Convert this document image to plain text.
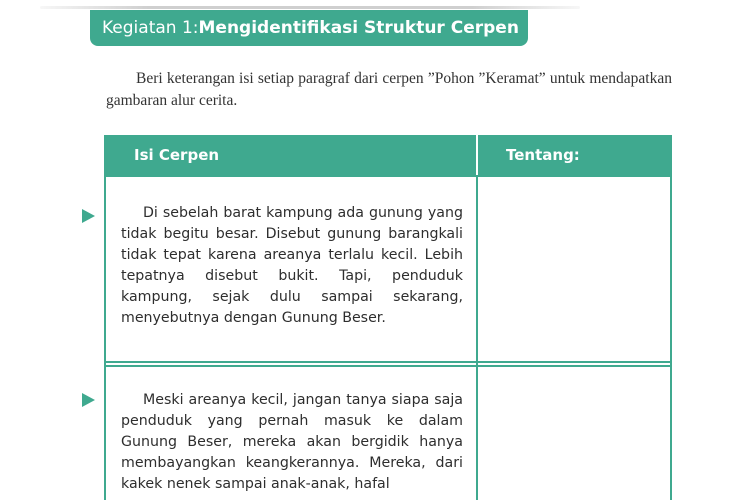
Kegiatan 1: Mengidentifikasi Struktur Cerpen

Beri keterangan isi setiap paragraf dari cerpen ”Pohon ”Keramat” untuk mendapatkan gambaran alur cerita.

Isi Cerpen	Tentang:
Di sebelah barat kampung ada gunung yang tidak begitu besar. Disebut gunung barangkali tidak tepat karena areanya terlalu kecil. Lebih tepatnya disebut bukit. Tapi, penduduk kampung, sejak dulu sampai sekarang, menyebutnya dengan Gunung Beser.
Meski areanya kecil, jangan tanya siapa saja penduduk yang pernah masuk ke dalam Gunung Beser, mereka akan bergidik hanya membayangkan keangkerannya. Mereka, dari kakek nenek sampai anak-anak, hafal
